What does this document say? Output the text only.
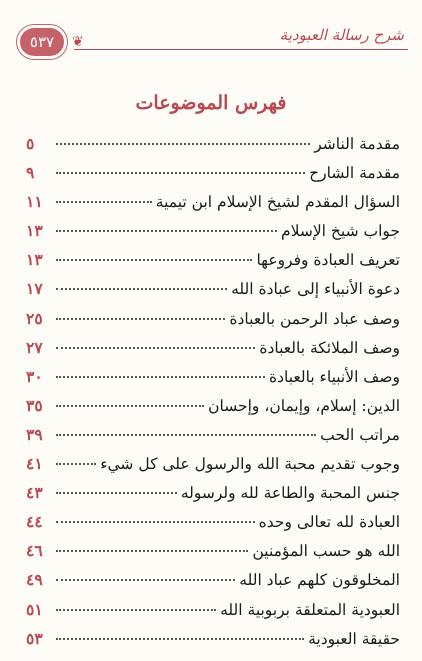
٥٣٧ ❦	شرح رسالة العبودية
فهرس الموضوعات
مقدمة الناشر
٥
مقدمة الشارح
٩
السؤال المقدم لشيخ الإسلام ابن تيمية
١١
جواب شيخ الإسلام
١٣
تعريف العبادة وفروعها
١٣
دعوة الأنبياء إلى عبادة الله
١٧
وصف عباد الرحمن بالعبادة
٢٥
وصف الملائكة بالعبادة
٢٧
وصف الأنبياء بالعبادة
٣٠
الدين: إسلام، وإيمان، وإحسان
٣٥
مراتب الحب
٣٩
وجوب تقديم محبة الله والرسول على كل شيء
٤١
جنس المحبة والطاعة لله ولرسوله
٤٣
العبادة لله تعالى وحده
٤٤
الله هو حسب المؤمنين
٤٦
المخلوقون كلهم عباد الله
٤٩
العبودية المتعلقة بربوبية الله
٥١
حقيقة العبودية
٥٣
